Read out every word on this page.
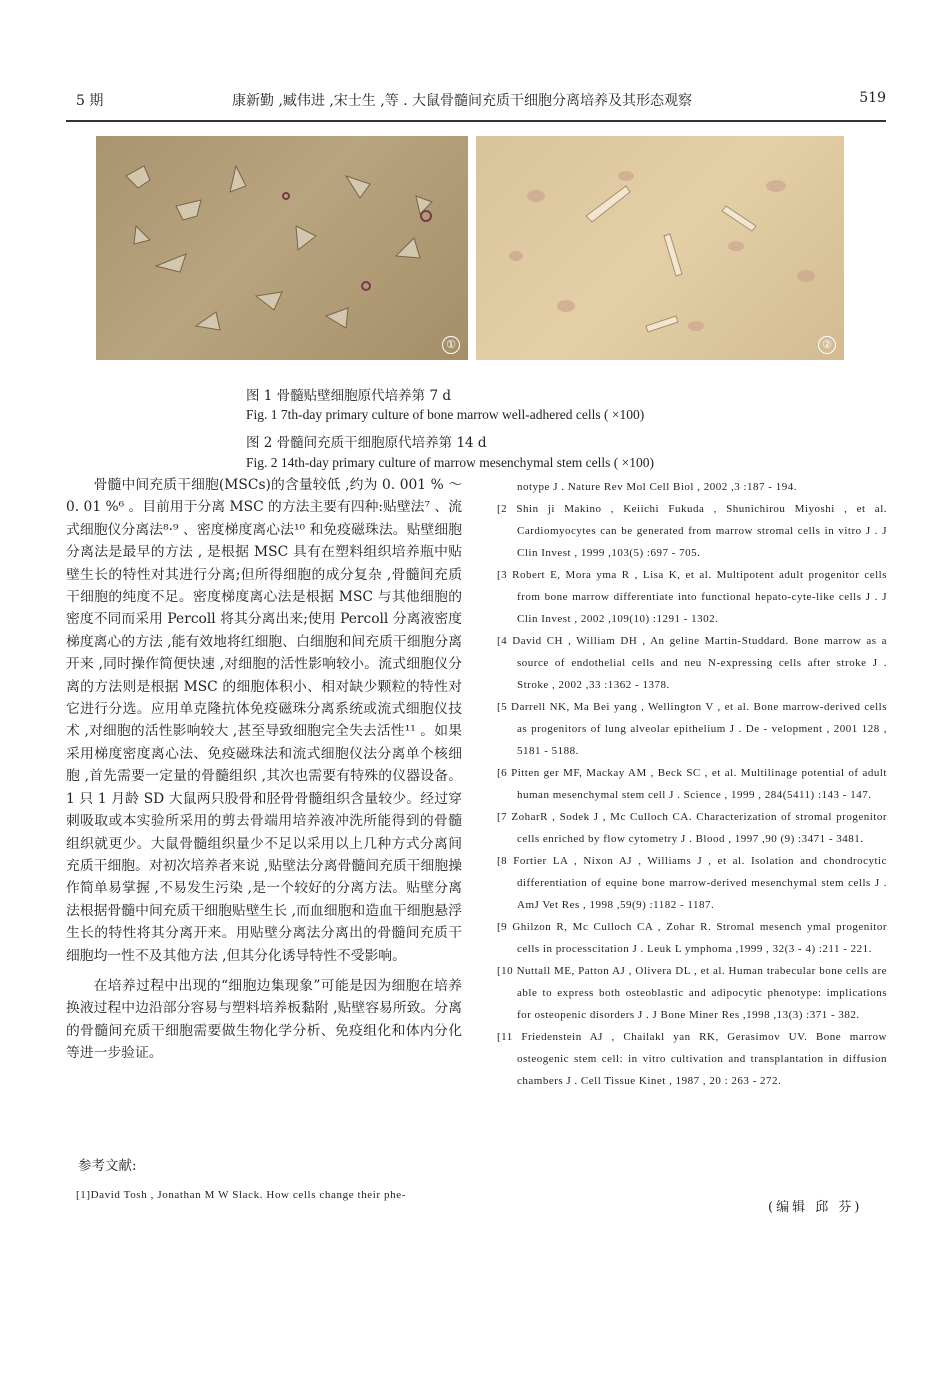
5 期	康新勤 ,臧伟进 ,宋士生 ,等 . 大鼠骨髓间充质干细胞分离培养及其形态观察	519
①	②
图 1 骨髓贴壁细胞原代培养第 7 d
Fig. 1 7th-day primary culture of bone marrow well-adhered cells ( ×100)
图 2 骨髓间充质干细胞原代培养第 14 d
Fig. 2 14th-day primary culture of marrow mesenchymal stem cells ( ×100)

骨髓中间充质干细胞(MSCs)的含量较低 ,约为 0. 001 % ～0. 01 %⁶ 。目前用于分离 MSC 的方法主要有四种:贴壁法⁷ 、流式细胞仪分离法⁸·⁹ 、密度梯度离心法¹⁰ 和免疫磁珠法。贴壁细胞分离法是最早的方法 , 是根据 MSC 具有在塑料组织培养瓶中贴壁生长的特性对其进行分离;但所得细胞的成分复杂 ,骨髓间充质干细胞的纯度不足。密度梯度离心法是根据 MSC 与其他细胞的密度不同而采用 Percoll 将其分离出来;使用 Percoll 分离液密度梯度离心的方法 ,能有效地将红细胞、白细胞和间充质干细胞分离开来 ,同时操作简便快速 ,对细胞的活性影响较小。流式细胞仪分离的方法则是根据 MSC 的细胞体积小、相对缺少颗粒的特性对它进行分选。应用单克隆抗体免疫磁珠分离系统或流式细胞仪技术 ,对细胞的活性影响较大 ,甚至导致细胞完全失去活性¹¹ 。如果采用梯度密度离心法、免疫磁珠法和流式细胞仪法分离单个核细胞 ,首先需要一定量的骨髓组织 ,其次也需要有特殊的仪器设备。1 只 1 月龄 SD 大鼠两只股骨和胫骨骨髓组织含量较少。经过穿刺吸取或本实验所采用的剪去骨端用培养液冲洗所能得到的骨髓组织就更少。大鼠骨髓组织量少不足以采用以上几种方式分离间充质干细胞。对初次培养者来说 ,贴壁法分离骨髓间充质干细胞操作简单易掌握 ,不易发生污染 ,是一个较好的分离方法。贴壁分离法根据骨髓中间充质干细胞贴壁生长 ,而血细胞和造血干细胞悬浮生长的特性将其分离开来。用贴壁分离法分离出的骨髓间充质干细胞均一性不及其他方法 ,但其分化诱导特性不受影响。

在培养过程中出现的“细胞边集现象”可能是因为细胞在培养换液过程中边沿部分容易与塑料培养板黏附 ,贴壁容易所致。分离的骨髓间充质干细胞需要做生物化学分析、免疫组化和体内分化等进一步验证。

参考文献:
[1]David Tosh , Jonathan M W Slack. How cells change their phe-

notype J . Nature Rev Mol Cell Biol , 2002 ,3 :187 - 194.

[2 Shin ji Makino , Keiichi Fukuda , Shunichirou Miyoshi , et al. Cardiomyocytes can be generated from marrow stromal cells in vitro J . J Clin Invest , 1999 ,103(5) :697 - 705.

[3 Robert E, Mora yma R , Lisa K, et al. Multipotent adult progenitor cells from bone marrow differentiate into functional hepato-cyte-like cells J . J Clin Invest , 2002 ,109(10) :1291 - 1302.

[4 David CH , William DH , An geline Martin-Studdard. Bone marrow as a source of endothelial cells and neu N-expressing cells after stroke J . Stroke , 2002 ,33 :1362 - 1378.

[5 Darrell NK, Ma Bei yang , Wellington V , et al. Bone marrow-derived cells as progenitors of lung alveolar epithelium J . De - velopment , 2001 128 , 5181 - 5188.

[6 Pitten ger MF, Mackay AM , Beck SC , et al. Multilinage potential of adult human mesenchymal stem cell J . Science , 1999 , 284(5411) :143 - 147.

[7 ZoharR , Sodek J , Mc Culloch CA. Characterization of stromal progenitor cells enriched by flow cytometry J . Blood , 1997 ,90 (9) :3471 - 3481.

[8 Fortier LA , Nixon AJ , Williams J , et al. Isolation and chondrocytic differentiation of equine bone marrow-derived mesenchymal stem cells J . AmJ Vet Res , 1998 ,59(9) :1182 - 1187.

[9 Ghilzon R, Mc Culloch CA , Zohar R. Stromal mesench ymal progenitor cells in processcitation J . Leuk L ymphoma ,1999 , 32(3 - 4) :211 - 221.

[10 Nuttall ME, Patton AJ , Olivera DL , et al. Human trabecular bone cells are able to express both osteoblastic and adipocytic phenotype: implications for osteopenic disorders J . J Bone Miner Res ,1998 ,13(3) :371 - 382.

[11 Friedenstein AJ , Chailakl yan RK, Gerasimov UV. Bone marrow osteogenic stem cell: in vitro cultivation and transplantation in diffusion chambers J . Cell Tissue Kinet , 1987 , 20 : 263 - 272.

(编辑 邱 芬)
